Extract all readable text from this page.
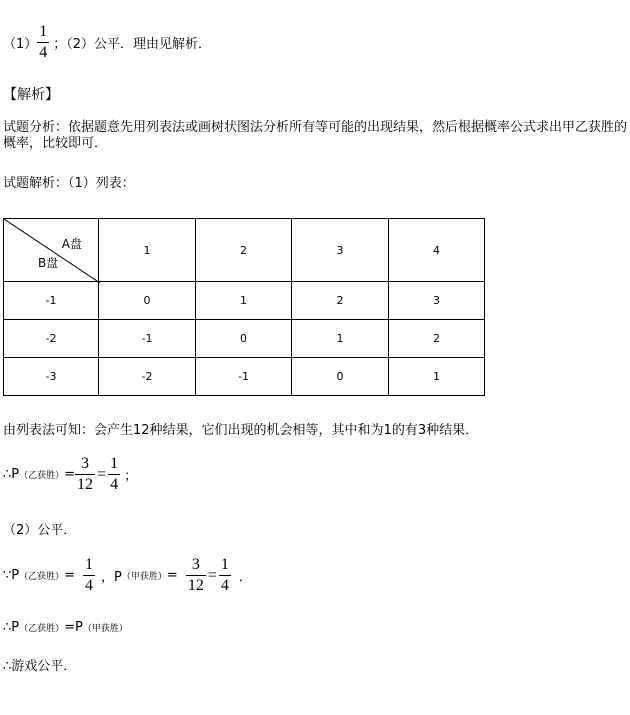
$(1) \frac{1}{4}$ ；（2）公平．理由见解析．
【解析】
试题分析：依据题意先用列表法或画树状图法分析所有等可能的出现结果，然后根据概率公式求出甲乙获胜的概率，比较即可．
试题解析：（1）列表：
A盘
B盘	1	2	3	4
-1	0	1	2	3
-2	-1	0	1	2
-3	-2	-1	0	1
由列表法可知：会产生12种结果，它们出现的机会相等，其中和为1的有3种结果．
∴P （乙获胜） = $\frac{3}{12} = \frac{1}{4}$ ；
（2）公平．
∵P （乙获胜） = $\frac{1}{4}$ ，P （甲获胜） = $\frac{3}{12} = \frac{1}{4}$ ．
∴P （乙获胜） =P （甲获胜）
∴游戏公平．
